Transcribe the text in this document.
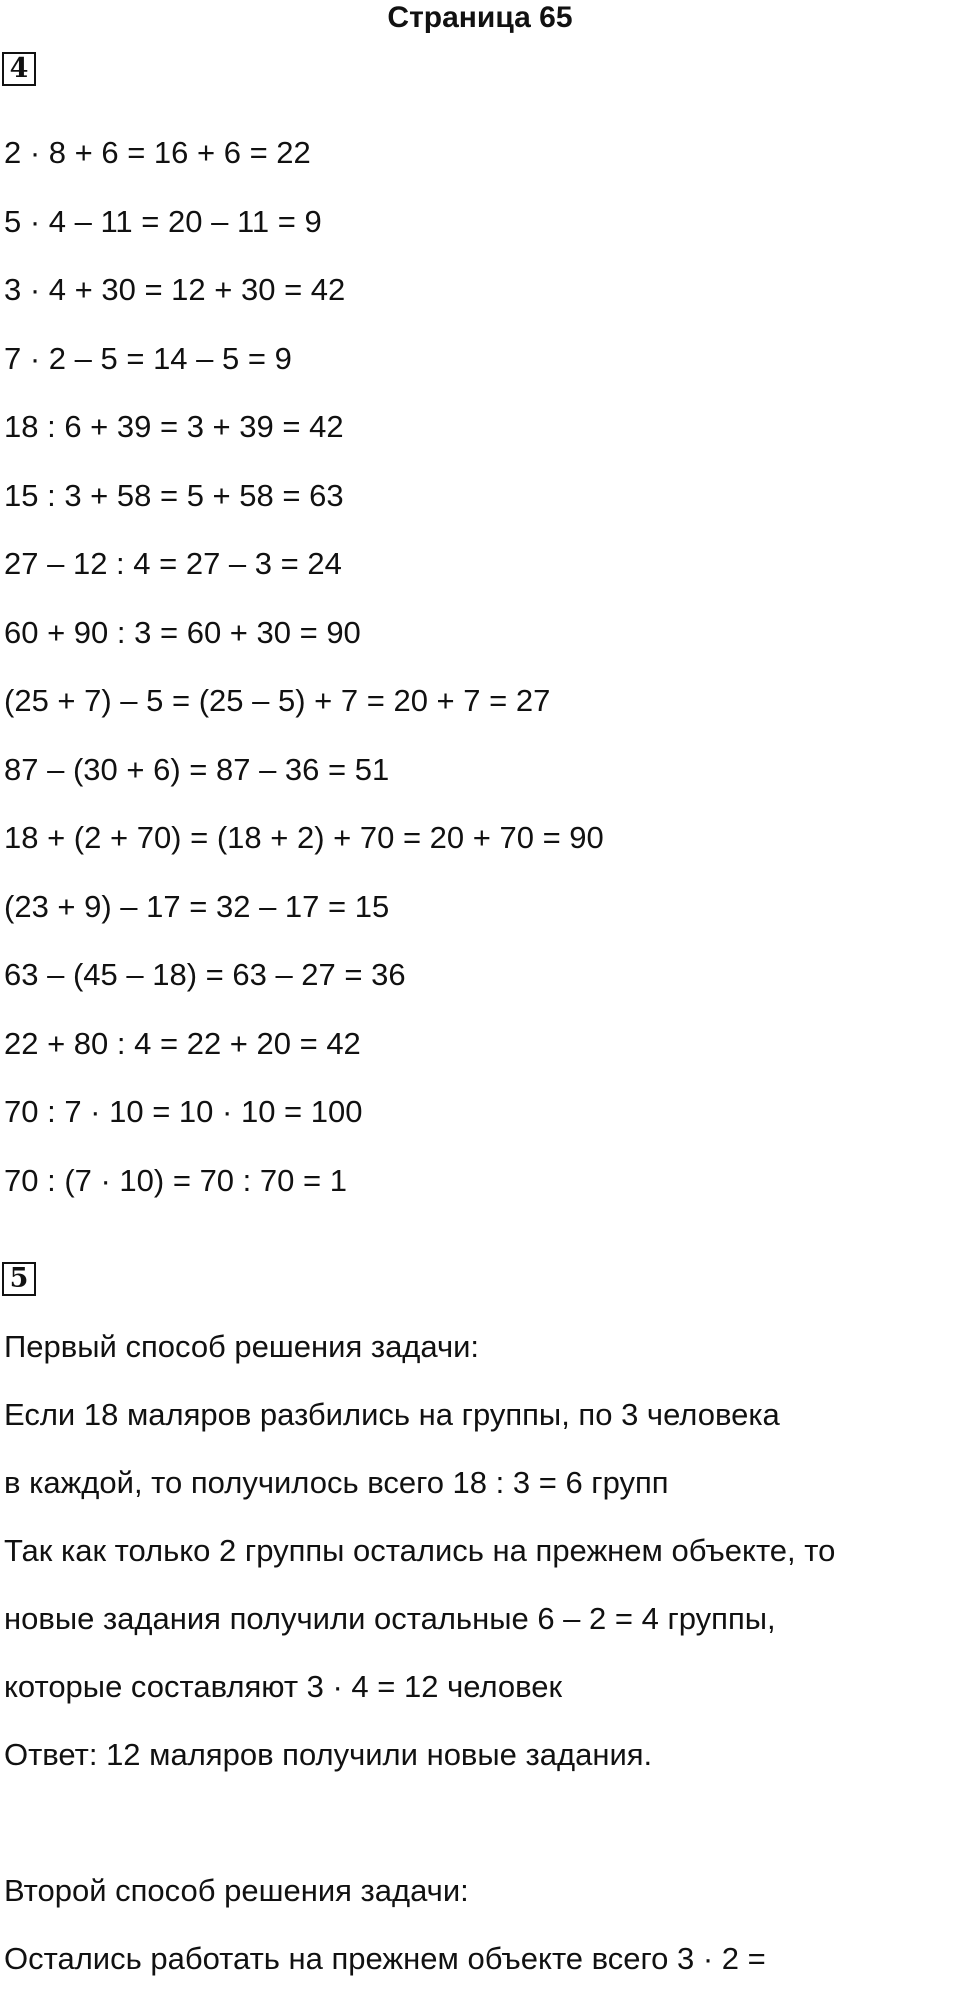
Страница 65
4
2 · 8 + 6 = 16 + 6 = 22
5 · 4 – 11 = 20 – 11 = 9
3 · 4 + 30 = 12 + 30 = 42
7 · 2 – 5 = 14 – 5 = 9
18 : 6 + 39 = 3 + 39 = 42
15 : 3 + 58 = 5 + 58 = 63
27 – 12 : 4 = 27 – 3 = 24
60 + 90 : 3 = 60 + 30 = 90
(25 + 7) – 5 = (25 – 5) + 7 = 20 + 7 = 27
87 – (30 + 6) = 87 – 36 = 51
18 + (2 + 70) = (18 + 2) + 70 = 20 + 70 = 90
(23 + 9) – 17 = 32 – 17 = 15
63 – (45 – 18) = 63 – 27 = 36
22 + 80 : 4 = 22 + 20 = 42
70 : 7 · 10 = 10 · 10 = 100
70 : (7 · 10) = 70 : 70 = 1
5
Первый способ решения задачи:
Если 18 маляров разбились на группы, по 3 человека
в каждой, то получилось всего 18 : 3 = 6 групп
Так как только 2 группы остались на прежнем объекте, то
новые задания получили остальные 6 – 2 = 4 группы,
которые составляют 3 · 4 = 12 человек
Ответ: 12 маляров получили новые задания.
Второй способ решения задачи:
Остались работать на прежнем объекте всего 3 · 2 =
